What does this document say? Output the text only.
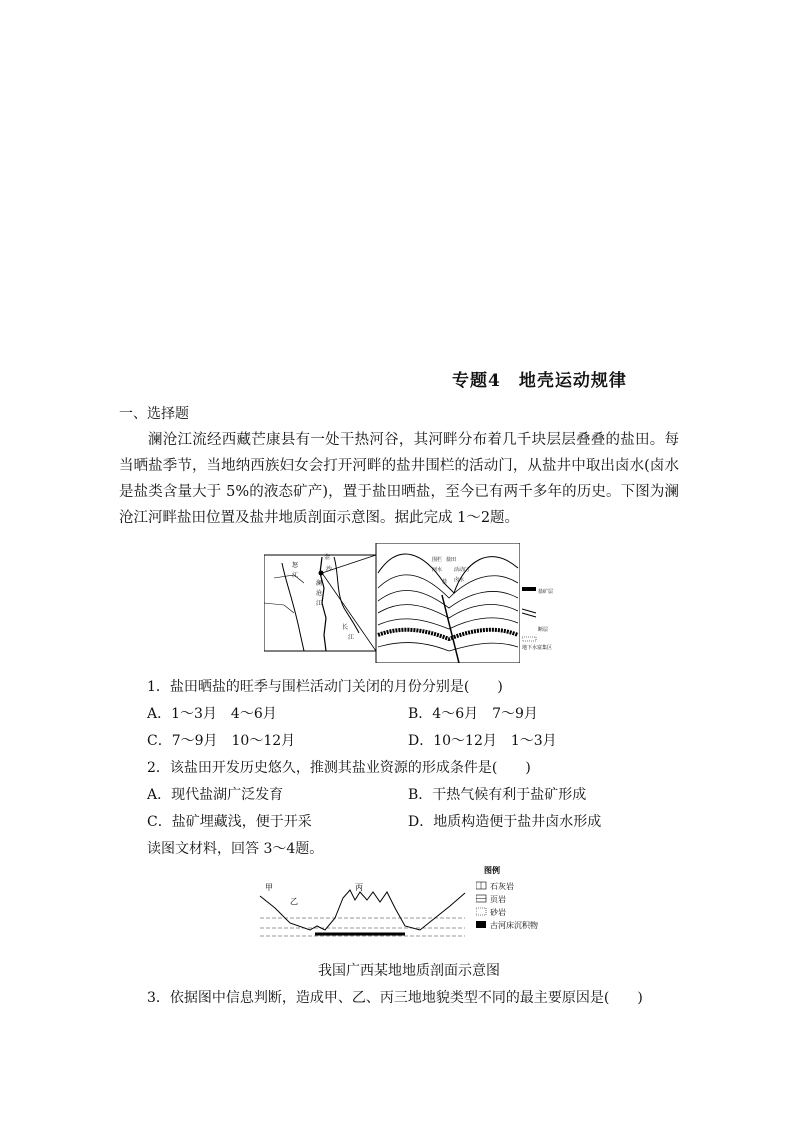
专题4　地壳运动规律
一、选择题
澜沧江流经西藏芒康县有一处干热河谷，其河畔分布着几千块层层叠叠的盐田。每当晒盐季节，当地纳西族妇女会打开河畔的盐井围栏的活动门，从盐井中取出卤水(卤水是盐类含量大于 5%的液态矿产)，置于盐田晒盐，至今已有两千多年的历史。下图为澜沧江河畔盐田位置及盐井地质剖面示意图。据此完成 1～2题。
金
沙
澜
沧
怒
江
江
江
长
围栏 盐田
河水
盐
活动门
卤水
盐矿层
断层
地下水富集区
1．盐田晒盐的旺季与围栏活动门关闭的月份分别是(　　)
A．1～3月　4～6月	B．4～6月　7～9月
C．7～9月　10～12月	D．10～12月　1～3月
2．该盐田开发历史悠久，推测其盐业资源的形成条件是(　　)
A．现代盐湖广泛发育	B．干热气候有利于盐矿形成
C．盐矿埋藏浅，便于开采	D．地质构造便于盐井卤水形成
读图文材料，回答 3～4题。
甲
乙
丙
图例
石灰岩
页岩
砂岩
古河床沉积物
我国广西某地地质剖面示意图
3．依据图中信息判断，造成甲、乙、丙三地地貌类型不同的最主要原因是(　　)
